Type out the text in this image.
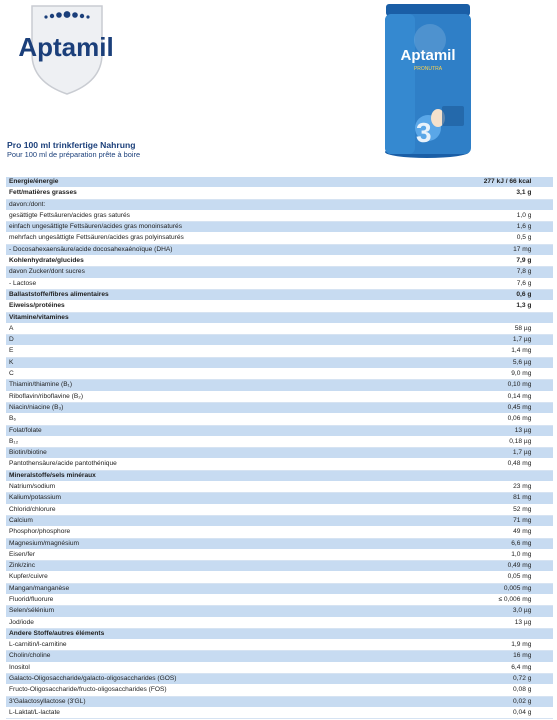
Aptamil	Aptamil
PRONUTRA
3
Pro 100 ml trinkfertige Nahrung
Pour 100 ml de préparation prête à boire
Energie/énergie	277 kJ / 66 kcal	
Fett/matières grasses	3,1 g	
davon:/dont:		
gesättigte Fettsäuren/acides gras saturés	1,0 g	
einfach ungesättigte Fettsäuren/acides gras monoinsaturés	1,6 g	
mehrfach ungesättigte Fettsäuren/acides gras polyinsaturés	0,5 g	
- Docosahexaensäure/acide docosahexaénoïque (DHA)	17 mg	
Kohlenhydrate/glucides	7,9 g	
davon Zucker/dont sucres	7,8 g	
- Lactose	7,6 g	
Ballaststoffe/fibres alimentaires	0,6 g	
Eiweiss/protéines	1,3 g	
Vitamine/vitamines		
A	58 µg	
D	1,7 µg	
E	1,4 mg	
K	5,6 µg	
C	9,0 mg	
Thiamin/thiamine (B₁)	0,10 mg	
Riboflavin/riboflavine (B₂)	0,14 mg	
Niacin/niacine (B₃)	0,45 mg	
B₆	0,06 mg	
Folat/folate	13 µg	
B₁₂	0,18 µg	
Biotin/biotine	1,7 µg	
Pantothensäure/acide pantothénique	0,48 mg	
Mineralstoffe/sels minéraux		
Natrium/sodium	23 mg	
Kalium/potassium	81 mg	
Chlorid/chlorure	52 mg	
Calcium	71 mg	
Phosphor/phosphore	49 mg	
Magnesium/magnésium	6,6 mg	
Eisen/fer	1,0 mg	
Zink/zinc	0,49 mg	
Kupfer/cuivre	0,05 mg	
Mangan/manganèse	0,005 mg	
Fluorid/fluorure	≤ 0,006 mg	
Selen/sélénium	3,0 µg	
Jod/iode	13 µg	
Andere Stoffe/autres éléments		
L-carnitin/l-carnitine	1,9 mg	
Cholin/choline	16 mg	
Inositol	6,4 mg	
Galacto-Oligosaccharide/galacto-oligosaccharides (GOS)	0,72 g	
Fructo-Oligosaccharide/fructo-oligosaccharides (FOS)	0,08 g	
3'Galactosyllactose (3'GL)	0,02 g	
L-Laktat/L-lactate	0,04 g	
